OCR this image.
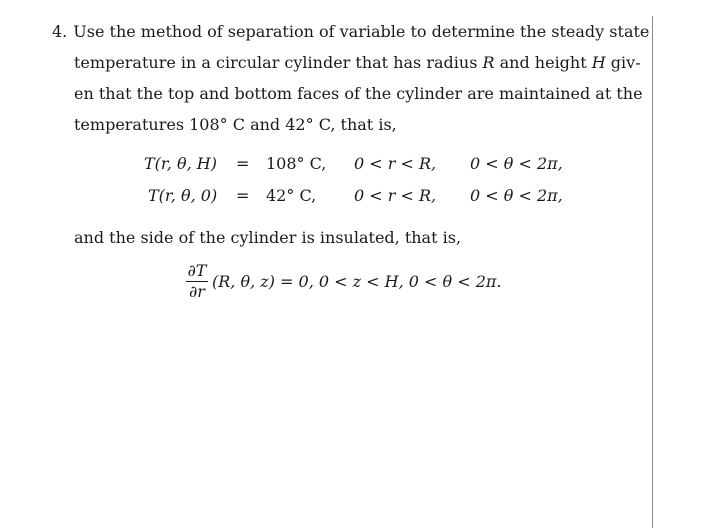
4. Use the method of separation of variable to determine the steady state
temperature in a circular cylinder that has radius R and height H giv-
en that the top and bottom faces of the cylinder are maintained at the
temperatures 108° C and 42° C, that is,
T(r, θ, H) = 108° C, 0 < r < R, 0 < θ < 2π,
T(r, θ, 0) = 42° C, 0 < r < R, 0 < θ < 2π,
and the side of the cylinder is insulated, that is,
∂T
∂r
(R, θ, z) = 0, 0 < z < H, 0 < θ < 2π.
